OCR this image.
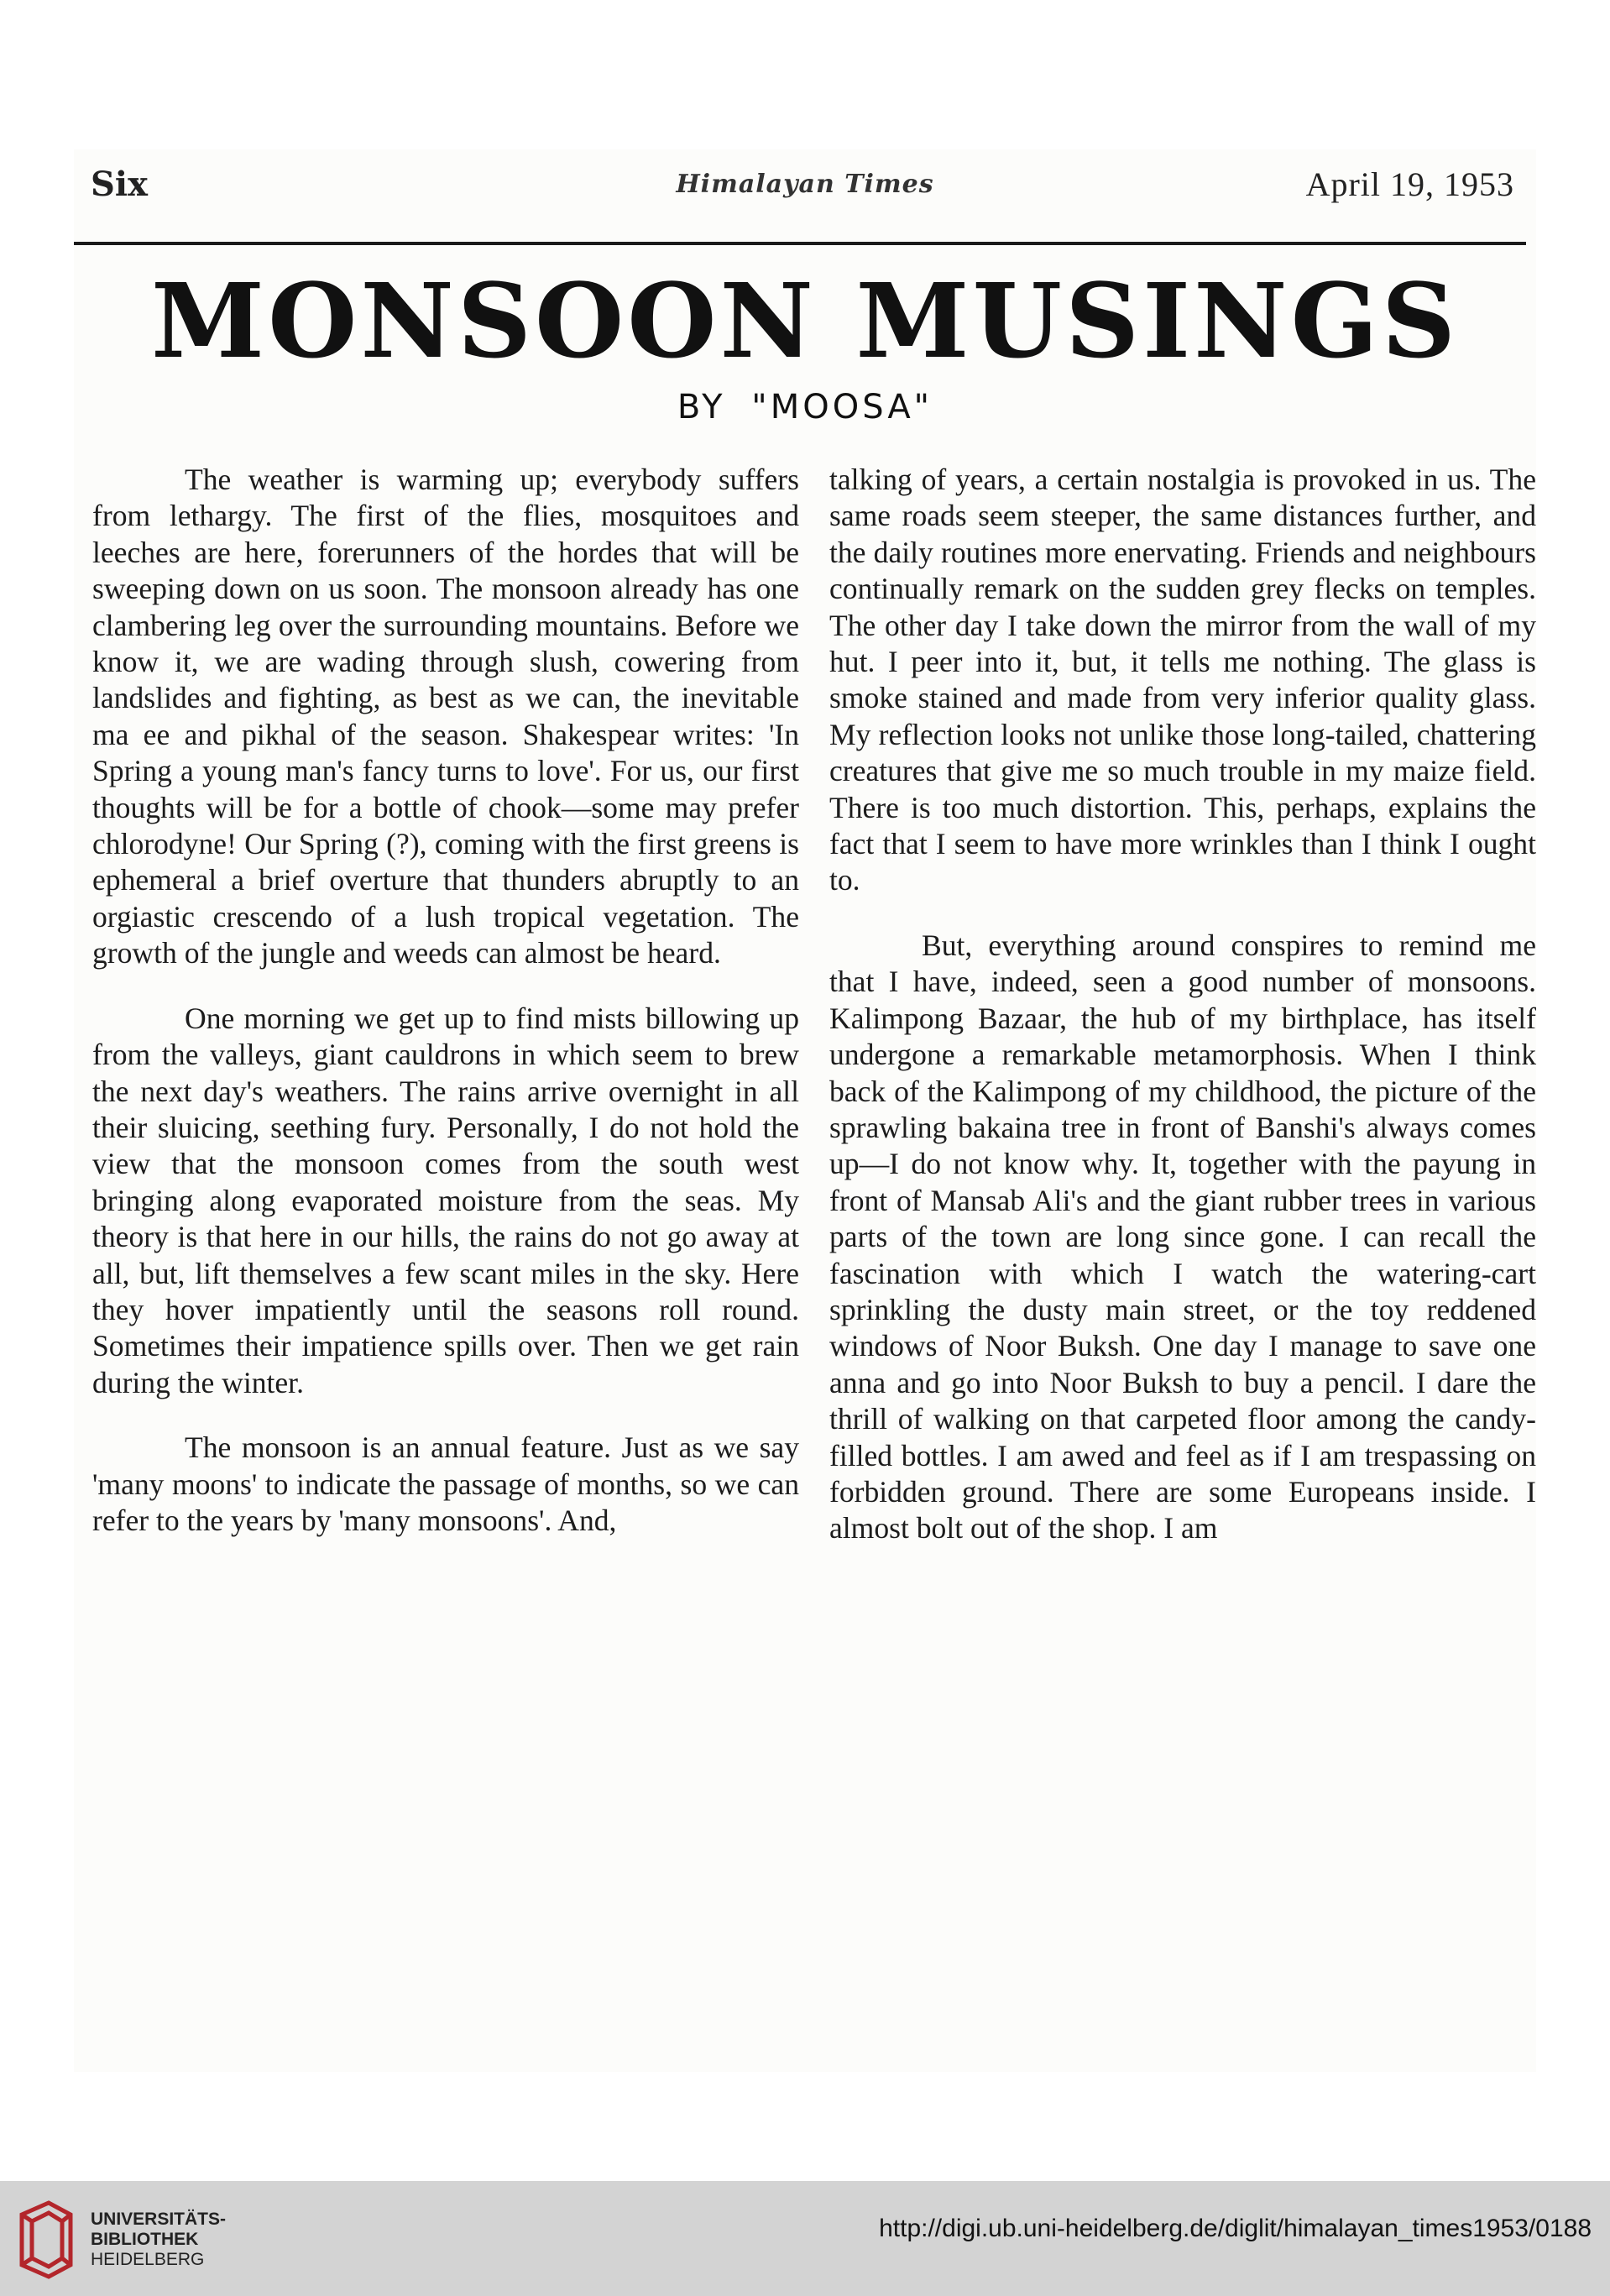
Six	Himalayan Times	April 19, 1953
MONSOON MUSINGS
BY "MOOSA"

The weather is warming up; everybody suffers from lethargy. The first of the flies, mosquitoes and leeches are here, forerunners of the hordes that will be sweeping down on us soon. The monsoon already has one clambering leg over the surrounding mountains. Before we know it, we are wading through slush, cowering from landslides and fighting, as best as we can, the inevitable ma ee and pikhal of the season. Shakespear writes: 'In Spring a young man's fancy turns to love'. For us, our first thoughts will be for a bottle of chook—some may prefer chlorodyne! Our Spring (?), coming with the first greens is ephemeral a brief overture that thunders abruptly to an orgiastic crescendo of a lush tropical vegetation. The growth of the jungle and weeds can almost be heard.

One morning we get up to find mists billowing up from the valleys, giant cauldrons in which seem to brew the next day's weathers. The rains arrive overnight in all their sluicing, seething fury. Personally, I do not hold the view that the monsoon comes from the south west bringing along evaporated moisture from the seas. My theory is that here in our hills, the rains do not go away at all, but, lift themselves a few scant miles in the sky. Here they hover impatiently until the seasons roll round. Sometimes their impatience spills over. Then we get rain during the winter.

The monsoon is an annual feature. Just as we say 'many moons' to indicate the passage of months, so we can refer to the years by 'many monsoons'. And,

talking of years, a certain nostalgia is provoked in us. The same roads seem steeper, the same distances further, and the daily routines more enervating. Friends and neighbours continually remark on the sudden grey flecks on temples. The other day I take down the mirror from the wall of my hut. I peer into it, but, it tells me nothing. The glass is smoke stained and made from very inferior quality glass. My reflection looks not unlike those long-tailed, chattering creatures that give me so much trouble in my maize field. There is too much distortion. This, perhaps, explains the fact that I seem to have more wrinkles than I think I ought to.

But, everything around conspires to remind me that I have, indeed, seen a good number of monsoons. Kalimpong Bazaar, the hub of my birthplace, has itself undergone a remarkable metamorphosis. When I think back of the Kalimpong of my childhood, the picture of the sprawling bakaina tree in front of Banshi's always comes up—I do not know why. It, together with the payung in front of Mansab Ali's and the giant rubber trees in various parts of the town are long since gone. I can recall the fascination with which I watch the watering-cart sprinkling the dusty main street, or the toy reddened windows of Noor Buksh. One day I manage to save one anna and go into Noor Buksh to buy a pencil. I dare the thrill of walking on that carpeted floor among the candy-filled bottles. I am awed and feel as if I am trespassing on forbidden ground. There are some Europeans inside. I almost bolt out of the shop. I am

UNIVERSITÄTS-
BIBLIOTHEK
HEIDELBERG
http://digi.ub.uni-heidelberg.de/diglit/himalayan_times1953/0188
